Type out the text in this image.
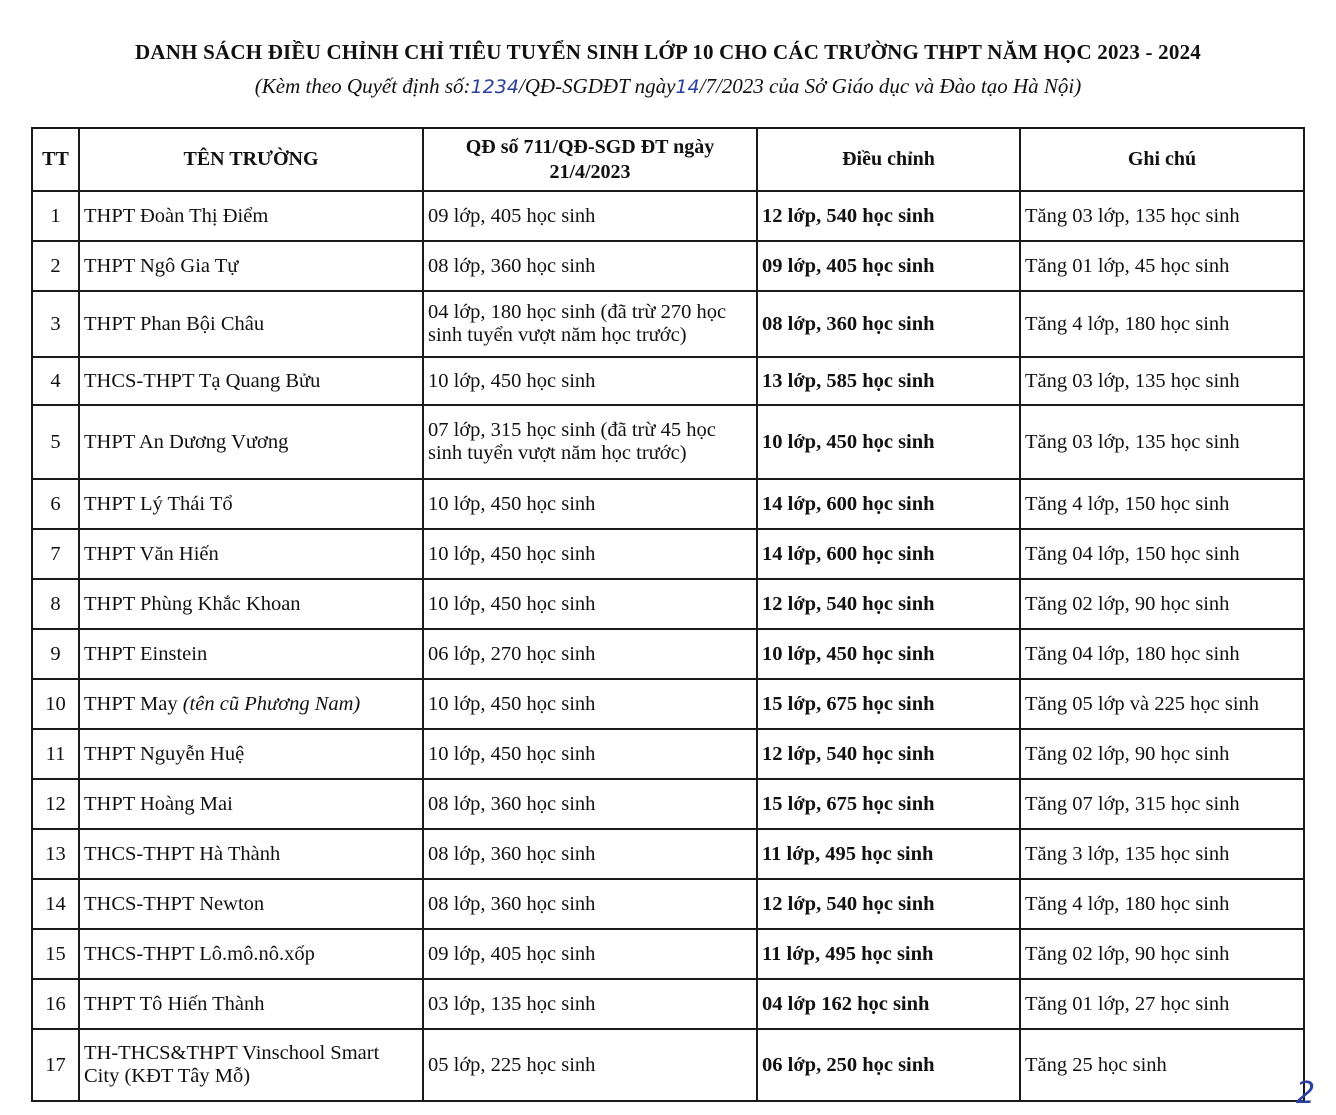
DANH SÁCH ĐIỀU CHỈNH CHỈ TIÊU TUYỂN SINH LỚP 10 CHO CÁC TRƯỜNG THPT NĂM HỌC 2023 - 2024
(Kèm theo Quyết định số:1234/QĐ-SGDĐT ngày14/7/2023 của Sở Giáo dục và Đào tạo Hà Nội)
TT	TÊN TRƯỜNG	QĐ số 711/QĐ-SGD ĐT ngày 21/4/2023	Điều chỉnh	Ghi chú
1	THPT Đoàn Thị Điểm	09 lớp, 405 học sinh	12 lớp, 540 học sinh	Tăng 03 lớp, 135 học sinh
2	THPT Ngô Gia Tự	08 lớp, 360 học sinh	09 lớp, 405 học sinh	Tăng 01 lớp, 45 học sinh
3	THPT Phan Bội Châu	04 lớp, 180 học sinh (đã trừ 270 học sinh tuyển vượt năm học trước)	08 lớp, 360 học sinh	Tăng 4 lớp, 180 học sinh
4	THCS-THPT Tạ Quang Bửu	10 lớp, 450 học sinh	13 lớp, 585 học sinh	Tăng 03 lớp, 135 học sinh
5	THPT An Dương Vương	07 lớp, 315 học sinh (đã trừ 45 học sinh tuyển vượt năm học trước)	10 lớp, 450 học sinh	Tăng 03 lớp, 135 học sinh
6	THPT Lý Thái Tổ	10 lớp, 450 học sinh	14 lớp, 600 học sinh	Tăng 4 lớp, 150 học sinh
7	THPT Văn Hiến	10 lớp, 450 học sinh	14 lớp, 600 học sinh	Tăng 04 lớp, 150 học sinh
8	THPT Phùng Khắc Khoan	10 lớp, 450 học sinh	12 lớp, 540 học sinh	Tăng 02 lớp, 90 học sinh
9	THPT Einstein	06 lớp, 270 học sinh	10 lớp, 450 học sinh	Tăng 04 lớp, 180 học sinh
10	THPT May (tên cũ Phương Nam)	10 lớp, 450 học sinh	15 lớp, 675 học sinh	Tăng 05 lớp và 225 học sinh
11	THPT Nguyễn Huệ	10 lớp, 450 học sinh	12 lớp, 540 học sinh	Tăng 02 lớp, 90 học sinh
12	THPT Hoàng Mai	08 lớp, 360 học sinh	15 lớp, 675 học sinh	Tăng 07 lớp, 315 học sinh
13	THCS-THPT Hà Thành	08 lớp, 360 học sinh	11 lớp, 495 học sinh	Tăng 3 lớp, 135 học sinh
14	THCS-THPT Newton	08 lớp, 360 học sinh	12 lớp, 540 học sinh	Tăng 4 lớp, 180 học sinh
15	THCS-THPT Lô.mô.nô.xốp	09 lớp, 405 học sinh	11 lớp, 495 học sinh	Tăng 02 lớp, 90 học sinh
16	THPT Tô Hiến Thành	03 lớp, 135 học sinh	04 lớp 162 học sinh	Tăng 01 lớp, 27 học sinh
17	TH-THCS&THPT Vinschool Smart City (KĐT Tây Mỗ)	05 lớp, 225 học sinh	06 lớp, 250 học sinh	Tăng 25 học sinh
2
